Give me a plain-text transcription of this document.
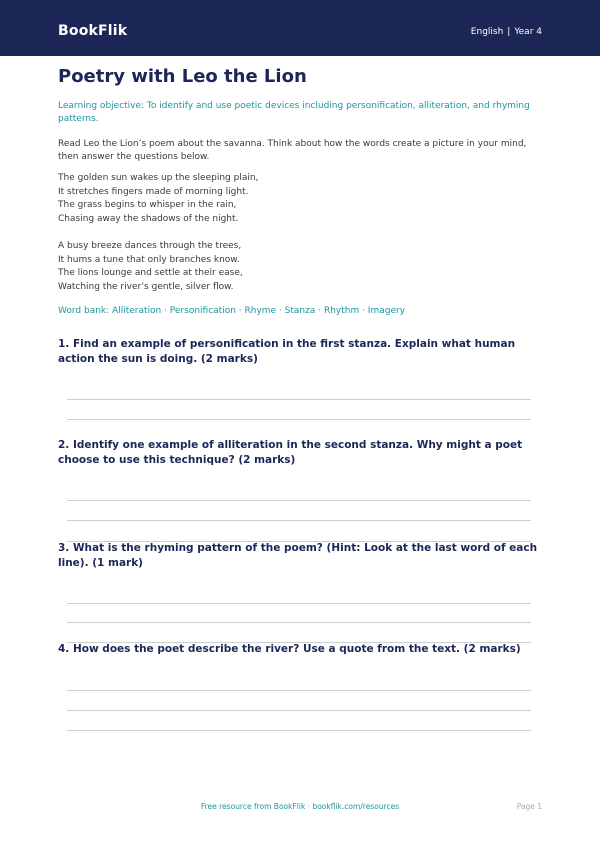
BookFlik	English | Year 4
Poetry with Leo the Lion

Learning objective: To identify and use poetic devices including personification, alliteration, and rhyming patterns.

Read Leo the Lion’s poem about the savanna. Think about how the words create a picture in your mind, then answer the questions below.

The golden sun wakes up the sleeping plain,
It stretches fingers made of morning light.
The grass begins to whisper in the rain,
Chasing away the shadows of the night.
A busy breeze dances through the trees,
It hums a tune that only branches know.
The lions lounge and settle at their ease,
Watching the river’s gentle, silver flow.
Word bank: Alliteration · Personification · Rhyme · Stanza · Rhythm · Imagery
1. Find an example of personification in the first stanza. Explain what human action the sun is doing. (2 marks)
2. Identify one example of alliteration in the second stanza. Why might a poet choose to use this technique? (2 marks)
3. What is the rhyming pattern of the poem? (Hint: Look at the last word of each line). (1 mark)
4. How does the poet describe the river? Use a quote from the text. (2 marks)
Free resource from BookFlik · bookflik.com/resources	Page 1
